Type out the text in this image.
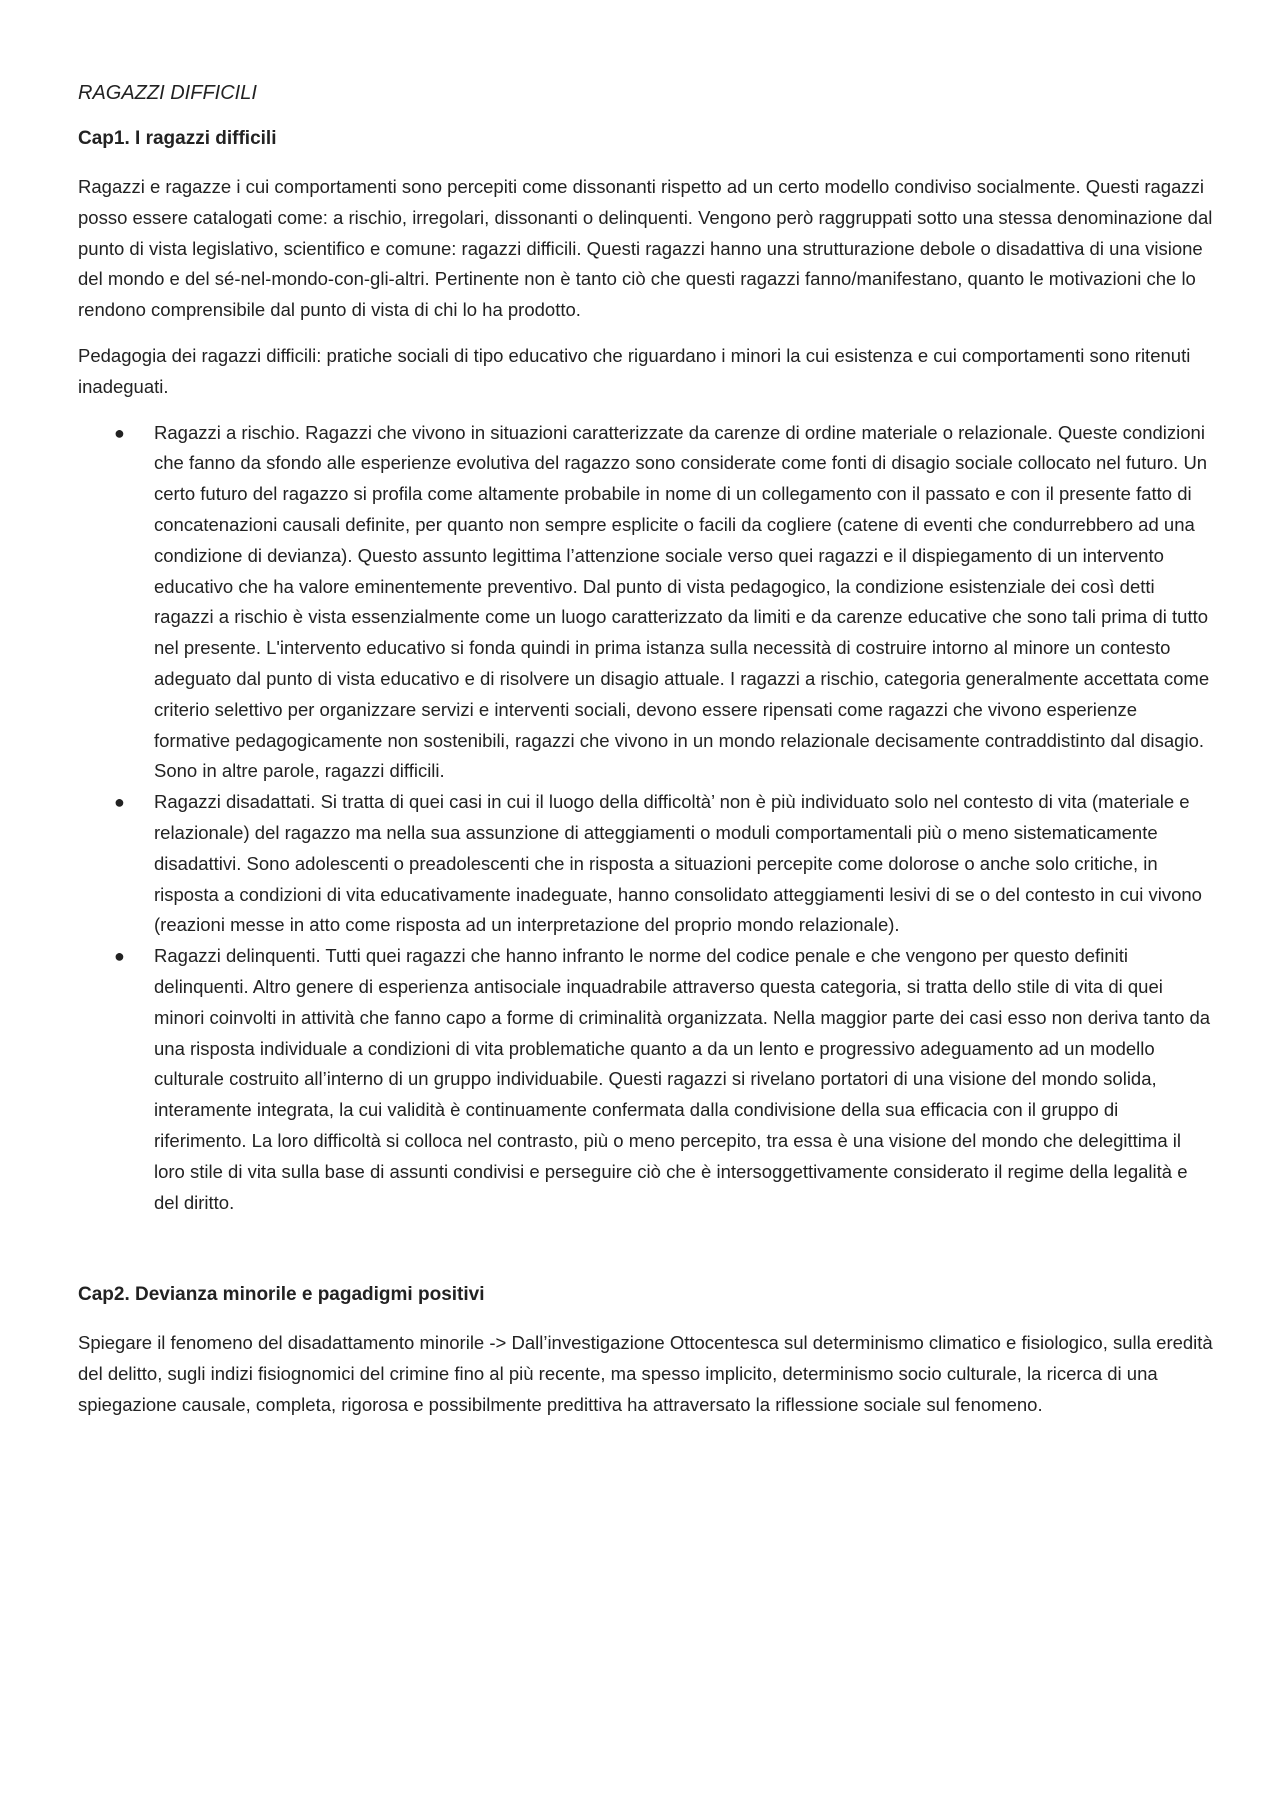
RAGAZZI DIFFICILI
Cap1. I ragazzi difficili

Ragazzi e ragazze i cui comportamenti sono percepiti come dissonanti rispetto ad un certo modello condiviso socialmente. Questi ragazzi posso essere catalogati come: a rischio, irregolari, dissonanti o delinquenti. Vengono però raggruppati sotto una stessa denominazione dal punto di vista legislativo, scientifico e comune: ragazzi difficili. Questi ragazzi hanno una strutturazione debole o disadattiva di una visione del mondo e del sé-nel-mondo-con-gli-altri. Pertinente non è tanto ciò che questi ragazzi fanno/manifestano, quanto le motivazioni che lo rendono comprensibile dal punto di vista di chi lo ha prodotto.

Pedagogia dei ragazzi difficili: pratiche sociali di tipo educativo che riguardano i minori la cui esistenza e cui comportamenti sono ritenuti inadeguati.

● Ragazzi a rischio. Ragazzi che vivono in situazioni caratterizzate da carenze di ordine materiale o relazionale. Queste condizioni che fanno da sfondo alle esperienze evolutiva del ragazzo sono considerate come fonti di disagio sociale collocato nel futuro. Un certo futuro del ragazzo si profila come altamente probabile in nome di un collegamento con il passato e con il presente fatto di concatenazioni causali definite, per quanto non sempre esplicite o facili da cogliere (catene di eventi che condurrebbero ad una condizione di devianza). Questo assunto legittima l’attenzione sociale verso quei ragazzi e il dispiegamento di un intervento educativo che ha valore eminentemente preventivo. Dal punto di vista pedagogico, la condizione esistenziale dei così detti ragazzi a rischio è vista essenzialmente come un luogo caratterizzato da limiti e da carenze educative che sono tali prima di tutto nel presente. L'intervento educativo si fonda quindi in prima istanza sulla necessità di costruire intorno al minore un contesto adeguato dal punto di vista educativo e di risolvere un disagio attuale. I ragazzi a rischio, categoria generalmente accettata come criterio selettivo per organizzare servizi e interventi sociali, devono essere ripensati come ragazzi che vivono esperienze formative pedagogicamente non sostenibili, ragazzi che vivono in un mondo relazionale decisamente contraddistinto dal disagio. Sono in altre parole, ragazzi difficili.
● Ragazzi disadattati. Si tratta di quei casi in cui il luogo della difficoltà’ non è più individuato solo nel contesto di vita (materiale e relazionale) del ragazzo ma nella sua assunzione di atteggiamenti o moduli comportamentali più o meno sistematicamente disadattivi. Sono adolescenti o preadolescenti che in risposta a situazioni percepite come dolorose o anche solo critiche, in risposta a condizioni di vita educativamente inadeguate, hanno consolidato atteggiamenti lesivi di se o del contesto in cui vivono (reazioni messe in atto come risposta ad un interpretazione del proprio mondo relazionale).
● Ragazzi delinquenti. Tutti quei ragazzi che hanno infranto le norme del codice penale e che vengono per questo definiti delinquenti. Altro genere di esperienza antisociale inquadrabile attraverso questa categoria, si tratta dello stile di vita di quei minori coinvolti in attività che fanno capo a forme di criminalità organizzata. Nella maggior parte dei casi esso non deriva tanto da una risposta individuale a condizioni di vita problematiche quanto a da un lento e progressivo adeguamento ad un modello culturale costruito all’interno di un gruppo individuabile. Questi ragazzi si rivelano portatori di una visione del mondo solida, interamente integrata, la cui validità è continuamente confermata dalla condivisione della sua efficacia con il gruppo di riferimento. La loro difficoltà si colloca nel contrasto, più o meno percepito, tra essa è una visione del mondo che delegittima il loro stile di vita sulla base di assunti condivisi e perseguire ciò che è intersoggettivamente considerato il regime della legalità e del diritto.
Cap2. Devianza minorile e pagadigmi positivi

Spiegare il fenomeno del disadattamento minorile -> Dall’investigazione Ottocentesca sul determinismo climatico e fisiologico, sulla eredità del delitto, sugli indizi fisiognomici del crimine fino al più recente, ma spesso implicito, determinismo socio culturale, la ricerca di una spiegazione causale, completa, rigorosa e possibilmente predittiva ha attraversato la riflessione sociale sul fenomeno.
